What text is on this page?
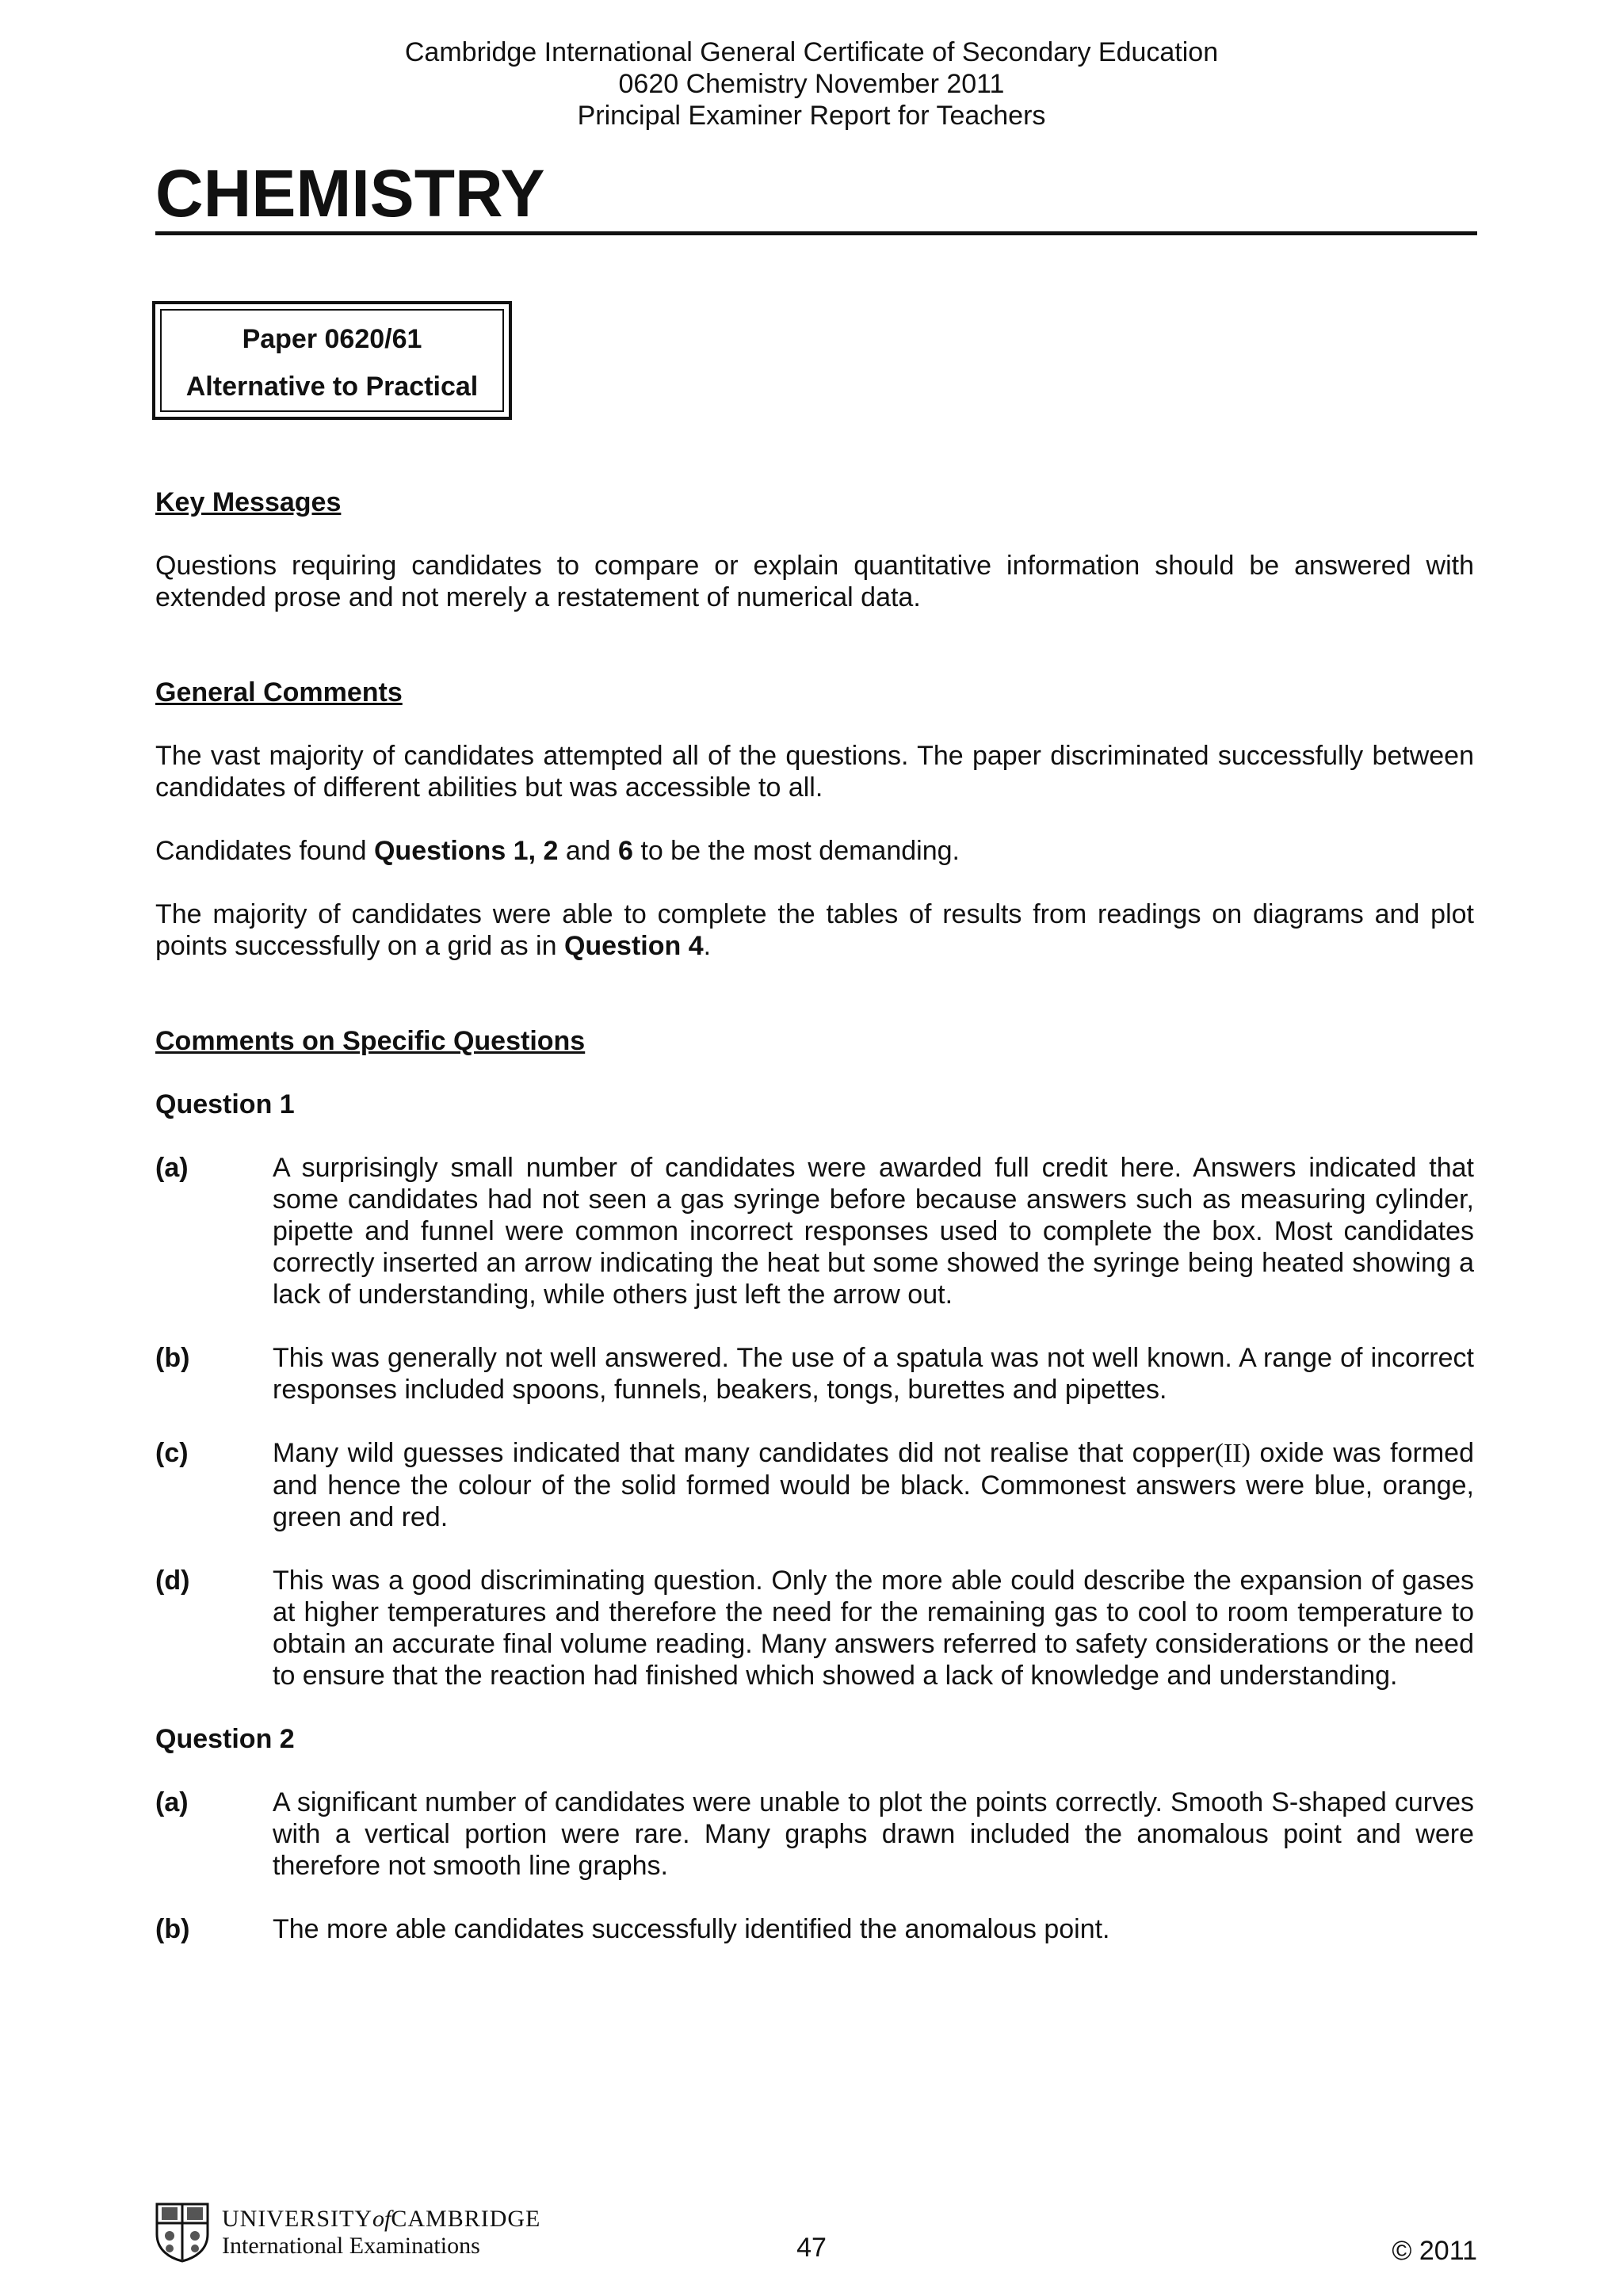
Cambridge International General Certificate of Secondary Education
0620 Chemistry November 2011
Principal Examiner Report for Teachers
CHEMISTRY
Paper 0620/61
Alternative to Practical

Key Messages

Questions requiring candidates to compare or explain quantitative information should be answered with extended prose and not merely a restatement of numerical data.

General Comments

The vast majority of candidates attempted all of the questions. The paper discriminated successfully between candidates of different abilities but was accessible to all.

Candidates found Questions 1, 2 and 6 to be the most demanding.

The majority of candidates were able to complete the tables of results from readings on diagrams and plot points successfully on a grid as in Question 4.

Comments on Specific Questions

Question 1

(a)	A surprisingly small number of candidates were awarded full credit here. Answers indicated that some candidates had not seen a gas syringe before because answers such as measuring cylinder, pipette and funnel were common incorrect responses used to complete the box. Most candidates correctly inserted an arrow indicating the heat but some showed the syringe being heated showing a lack of understanding, while others just left the arrow out.
(b)	This was generally not well answered. The use of a spatula was not well known. A range of incorrect responses included spoons, funnels, beakers, tongs, burettes and pipettes.
(c)	Many wild guesses indicated that many candidates did not realise that copper(II) oxide was formed and hence the colour of the solid formed would be black. Commonest answers were blue, orange, green and red.
(d)	This was a good discriminating question. Only the more able could describe the expansion of gases at higher temperatures and therefore the need for the remaining gas to cool to room temperature to obtain an accurate final volume reading. Many answers referred to safety considerations or the need to ensure that the reaction had finished which showed a lack of knowledge and understanding.

Question 2

(a)	A significant number of candidates were unable to plot the points correctly. Smooth S-shaped curves with a vertical portion were rare. Many graphs drawn included the anomalous point and were therefore not smooth line graphs.
(b)	The more able candidates successfully identified the anomalous point.
UNIVERSITYofCAMBRIDGE
International Examinations	47	© 2011
